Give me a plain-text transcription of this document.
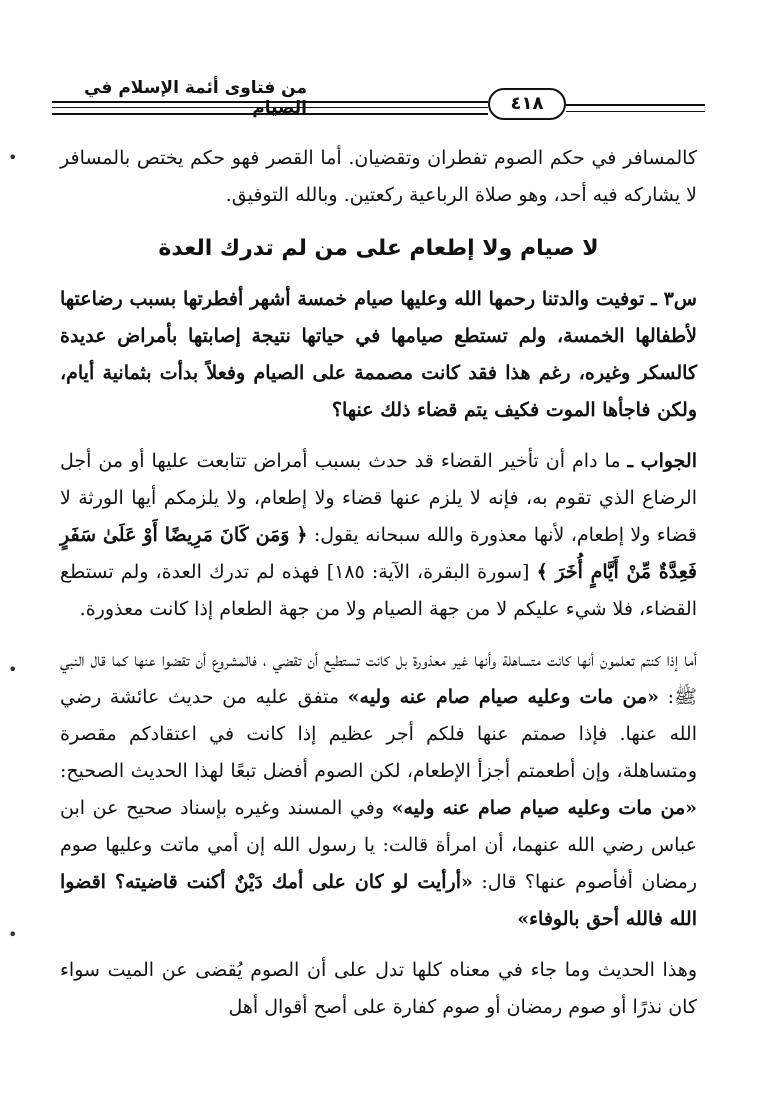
من فتاوى أئمة الإسلام في الصيام	٤١٨
•
•
•

كالمسافر في حكم الصوم تفطران وتقضيان. أما القصر فهو حكم يختص بالمسافر لا يشاركه فيه أحد، وهو صلاة الرباعية ركعتين. وبالله التوفيق.

لا صيام ولا إطعام على من لم تدرك العدة

س٣ ـ توفيت والدتنا رحمها الله وعليها صيام خمسة أشهر أفطرتها بسبب رضاعتها لأطفالها الخمسة، ولم تستطع صيامها في حياتها نتيجة إصابتها بأمراض عديدة كالسكر وغيره، رغم هذا فقد كانت مصممة على الصيام وفعلاً بدأت بثمانية أيام، ولكن فاجأها الموت فكيف يتم قضاء ذلك عنها؟

الجواب ـ ما دام أن تأخير القضاء قد حدث بسبب أمراض تتابعت عليها أو من أجل الرضاع الذي تقوم به، فإنه لا يلزم عنها قضاء ولا إطعام، ولا يلزمكم أيها الورثة لا قضاء ولا إطعام، لأنها معذورة والله سبحانه يقول: ﴿ وَمَن كَانَ مَرِيضًا أَوْ عَلَىٰ سَفَرٍ فَعِدَّةٌ مِّنْ أَيَّامٍ أُخَرَ ﴾ [سورة البقرة، الآية: ١٨٥] فهذه لم تدرك العدة، ولم تستطع القضاء، فلا شيء عليكم لا من جهة الصيام ولا من جهة الطعام إذا كانت معذورة.

أما إذا كنتم تعلمون أنها كانت متساهلة وأنها غير معذورة بل كانت تستطيع أن تقضي ، فالمشروع أن تقضوا عنها كما قال النبي ﷺ: «من مات وعليه صيام صام عنه وليه» متفق عليه من حديث عائشة رضي الله عنها. فإذا صمتم عنها فلكم أجر عظيم إذا كانت في اعتقادكم مقصرة ومتساهلة، وإن أطعمتم أجزأ الإطعام، لكن الصوم أفضل تبعًا لهذا الحديث الصحيح: «من مات وعليه صيام صام عنه وليه» وفي المسند وغيره بإسناد صحيح عن ابن عباس رضي الله عنهما، أن امرأة قالت: يا رسول الله إن أمي ماتت وعليها صوم رمضان أفأصوم عنها؟ قال: «أرأيت لو كان على أمك دَيْنٌ أكنت قاضيته؟ اقضوا الله فالله أحق بالوفاء»

وهذا الحديث وما جاء في معناه كلها تدل على أن الصوم يُقضى عن الميت سواء كان نذرًا أو صوم رمضان أو صوم كفارة على أصح أقوال أهل
